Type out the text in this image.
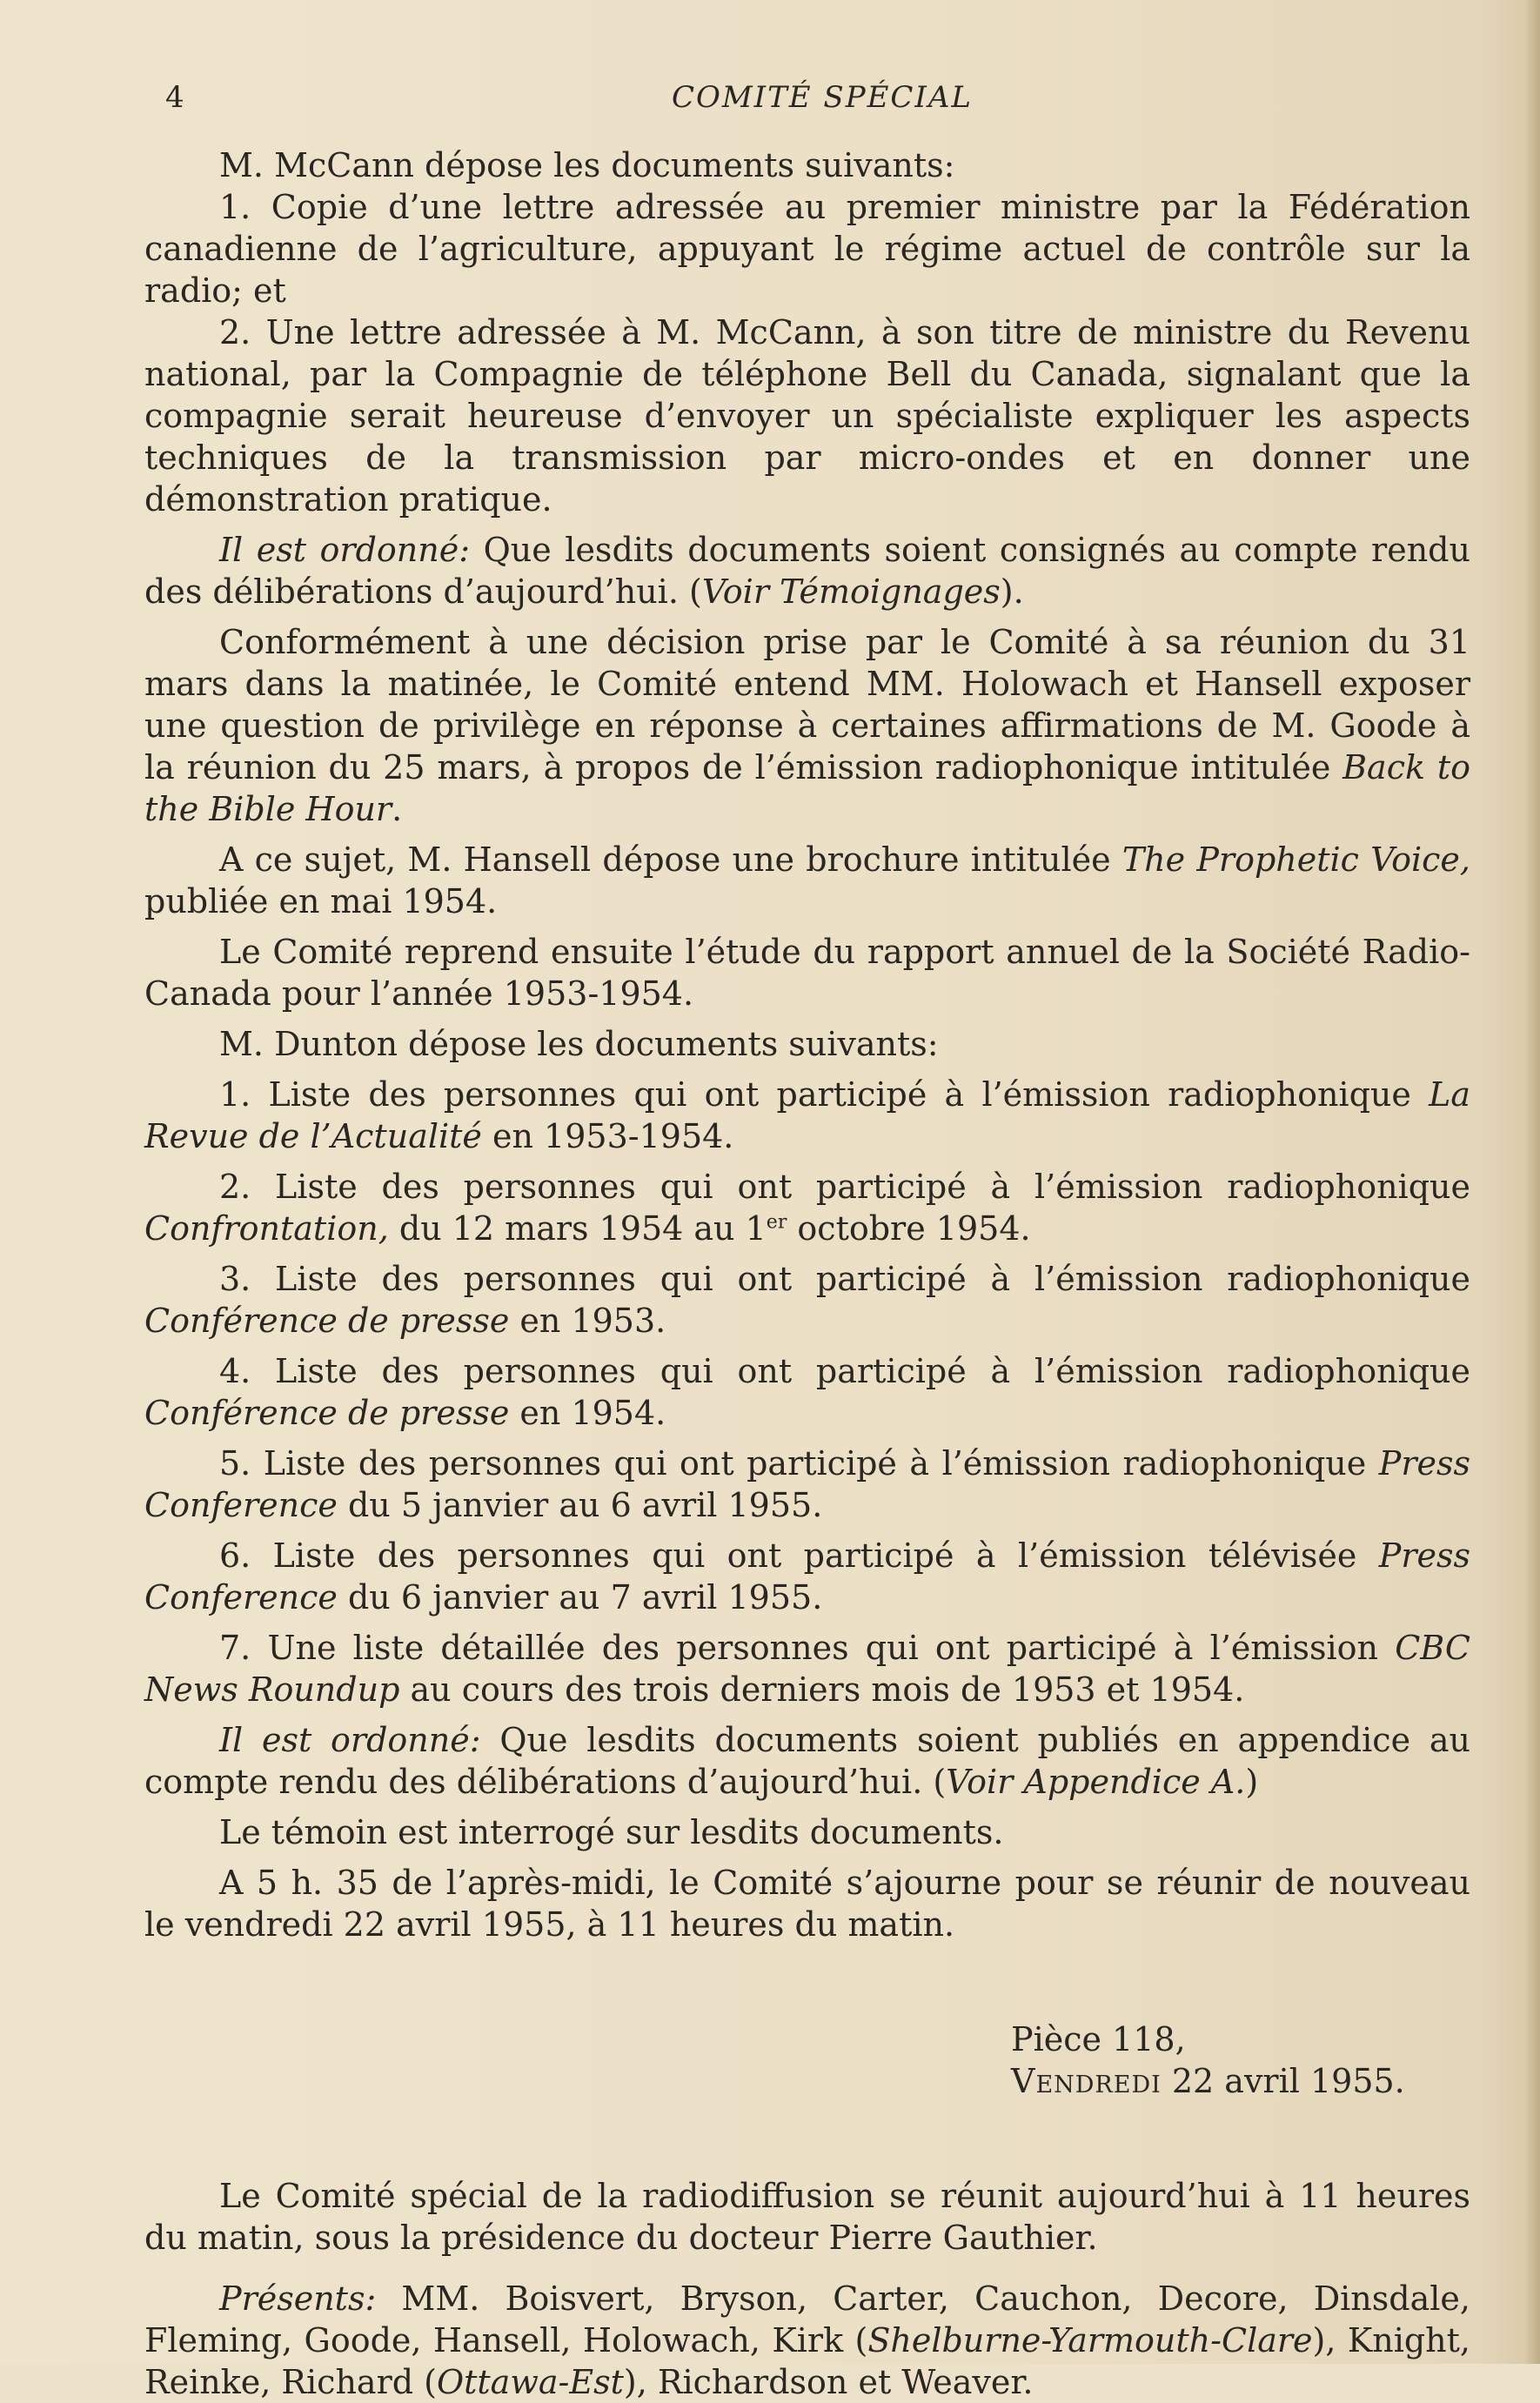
4	COMITÉ SPÉCIAL

M. McCann dépose les documents suivants:

1. Copie d’une lettre adressée au premier ministre par la Fédération canadienne de l’agriculture, appuyant le régime actuel de contrôle sur la radio; et

2. Une lettre adressée à M. McCann, à son titre de ministre du Revenu national, par la Compagnie de téléphone Bell du Canada, signalant que la compagnie serait heureuse d’envoyer un spécialiste expliquer les aspects techniques de la transmission par micro-ondes et en donner une démonstration pratique.

Il est ordonné: Que lesdits documents soient consignés au compte rendu des délibérations d’aujourd’hui. (Voir Témoignages).

Conformément à une décision prise par le Comité à sa réunion du 31 mars dans la matinée, le Comité entend MM. Holowach et Hansell exposer une question de privilège en réponse à certaines affirmations de M. Goode à la réunion du 25 mars, à propos de l’émission radiophonique intitulée Back to the Bible Hour.

A ce sujet, M. Hansell dépose une brochure intitulée The Prophetic Voice, publiée en mai 1954.

Le Comité reprend ensuite l’étude du rapport annuel de la Société Radio-Canada pour l’année 1953-1954.

M. Dunton dépose les documents suivants:

1. Liste des personnes qui ont participé à l’émission radiophonique La Revue de l’Actualité en 1953-1954.

2. Liste des personnes qui ont participé à l’émission radiophonique Confrontation, du 12 mars 1954 au 1er octobre 1954.

3. Liste des personnes qui ont participé à l’émission radiophonique Conférence de presse en 1953.

4. Liste des personnes qui ont participé à l’émission radiophonique Conférence de presse en 1954.

5. Liste des personnes qui ont participé à l’émission radiophonique Press Conference du 5 janvier au 6 avril 1955.

6. Liste des personnes qui ont participé à l’émission télévisée Press Conference du 6 janvier au 7 avril 1955.

7. Une liste détaillée des personnes qui ont participé à l’émission CBC News Roundup au cours des trois derniers mois de 1953 et 1954.

Il est ordonné: Que lesdits documents soient publiés en appendice au compte rendu des délibérations d’aujourd’hui. (Voir Appendice A.)

Le témoin est interrogé sur lesdits documents.

A 5 h. 35 de l’après-midi, le Comité s’ajourne pour se réunir de nouveau le vendredi 22 avril 1955, à 11 heures du matin.

Pièce 118,
Vendredi 22 avril 1955.

Le Comité spécial de la radiodiffusion se réunit aujourd’hui à 11 heures du matin, sous la présidence du docteur Pierre Gauthier.

Présents: MM. Boisvert, Bryson, Carter, Cauchon, Decore, Dinsdale, Fleming, Goode, Hansell, Holowach, Kirk (Shelburne-Yarmouth-Clare), Knight, Reinke, Richard (Ottawa-Est), Richardson et Weaver.
